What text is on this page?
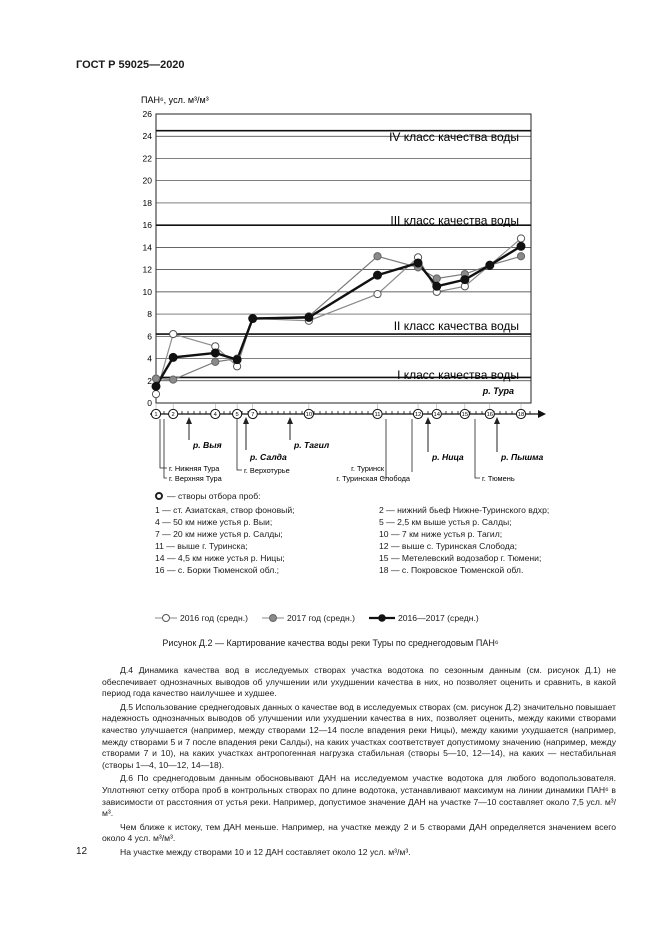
ГОСТ Р 59025—2020
ПАН⁶, усл. м³/м³
0
2
4
6
8
10
12
14
16
18
20
22
24
26
IV класс качества воды
III класс качества воды
II класс качества воды
I класс качества воды
1 2	4	5 7	10	11	12 14	15	16	18
р. Тура
р. Выя
р. Салда
р. Тагил
р. Ница	р. Пышма
г. Нижняя Тура
г. Верхняя Тура
г. Верхотурье	г. Туринск
г. Туринская Слобода	г. Тюмень
— створы отбора проб:
1 — ст. Азиатская, створ фоновый;	2 — нижний бьеф Нижне-Туринского вдхр;
4 — 50 км ниже устья р. Выи;	5 — 2,5 км выше устья р. Салды;
7 — 20 км ниже устья р. Салды;	10 — 7 км ниже устья р. Тагил;
11 — выше г. Туринска;	12 — выше с. Туринская Слобода;
14 — 4,5 км ниже устья р. Ницы;	15 — Метелевский водозабор г. Тюмени;
16 — с. Борки Тюменской обл.;	18 — с. Покровское Тюменской обл.
2016 год (средн.)	2017 год (средн.)	2016—2017 (средн.)
Рисунок Д.2 — Картирование качества воды реки Туры по среднегодовым ПАН⁶

Д.4 Динамика качества вод в исследуемых створах участка водотока по сезонным данным (см. рисунок Д.1) не обеспечивает однозначных выводов об улучшении или ухудшении качества в них, но позволяет оценить и сравнить, в какой период года качество наилучшее и худшее.

Д.5 Использование среднегодовых данных о качестве вод в исследуемых створах (см. рисунок Д.2) значительно повышает надежность однозначных выводов об улучшении или ухудшении качества в них, позволяет оценить, между какими створами качество улучшается (например, между створами 12—14 после впадения реки Ницы), между какими ухудшается (например, между створами 5 и 7 после впадения реки Салды), на каких участках соответствует допустимому значению (например, между створами 7 и 10), на каких участках антропогенная нагрузка стабильная (створы 5—10, 12—14), на каких — нестабильная (створы 1—4, 10—12, 14—18).

Д.6 По среднегодовым данным обосновывают ДАН на исследуемом участке водотока для любого водопользователя. Уплотняют сетку отбора проб в контрольных створах по длине водотока, устанавливают максимум на линии динамики ПАН⁶ в зависимости от расстояния от устья реки. Например, допустимое значение ДАН на участке 7—10 составляет около 7,5 усл. м³/м³.

Чем ближе к истоку, тем ДАН меньше. Например, на участке между 2 и 5 створами ДАН определяется значением всего около 4 усл. м³/м³.

На участке между створами 10 и 12 ДАН составляет около 12 усл. м³/м³.

12
